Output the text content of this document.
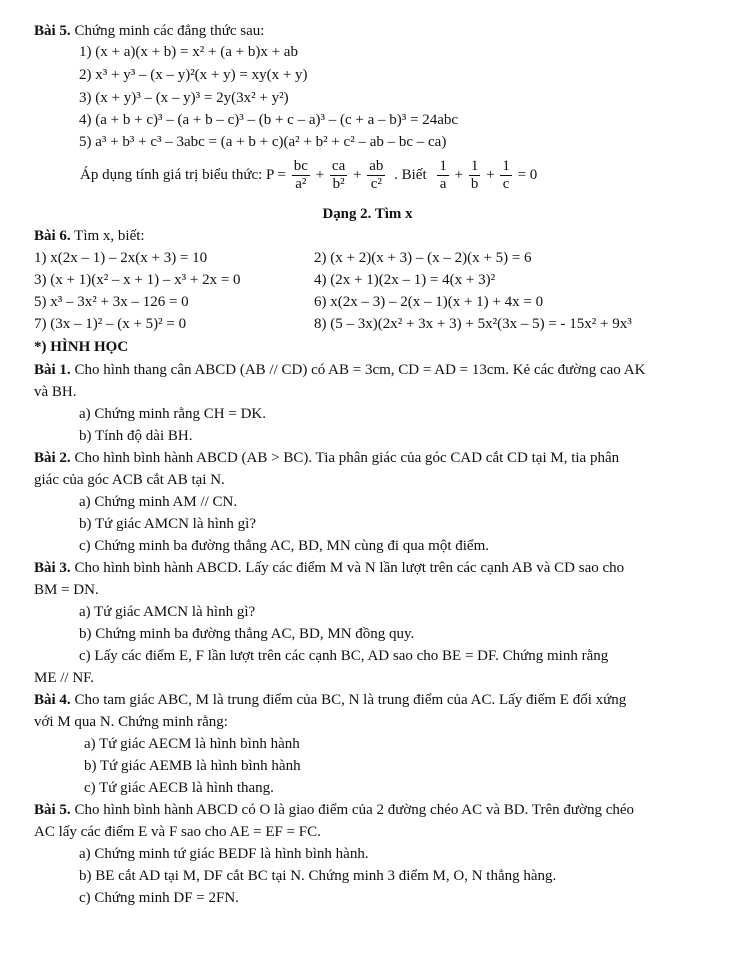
Bài 5. Chứng minh các đẳng thức sau:
1) (x + a)(x + b) = x² + (a + b)x + ab
2) x³ + y³ – (x – y)²(x + y) = xy(x + y)
3) (x + y)³ – (x – y)³ = 2y(3x² + y²)
4) (a + b + c)³ – (a + b – c)³ – (b + c – a)³ – (c + a – b)³ = 24abc
5) a³ + b³ + c³ – 3abc = (a + b + c)(a² + b² + c² – ab – bc – ca)
Áp dụng tính giá trị biểu thức: $P = \frac{bc}{\text{a²}} + \frac{ca}{\text{b²}} + \frac{ab}{\text{c²}}$ . Biết $\frac{1}{a} + \frac{1}{b} + \frac{1}{c} = 0$
Dạng 2. Tìm x
Bài 6. Tìm x, biết:
1) x(2x – 1) – 2x(x + 3) = 10	2) (x + 2)(x + 3) – (x – 2)(x + 5) = 6
3) (x + 1)(x² – x + 1) – x³ + 2x = 0	4) (2x + 1)(2x – 1) = 4(x + 3)²
5) x³ – 3x² + 3x – 126 = 0	6) x(2x – 3) – 2(x – 1)(x + 1) + 4x = 0
7) (3x – 1)² – (x + 5)² = 0	8) (5 – 3x)(2x² + 3x + 3) + 5x²(3x – 5) = - 15x² + 9x³
*) HÌNH HỌC
Bài 1. Cho hình thang cân ABCD (AB // CD) có AB = 3cm, CD = AD = 13cm. Kẻ các đường cao AK
và BH.
a) Chứng minh rằng CH = DK.
b) Tính độ dài BH.
Bài 2. Cho hình bình hành ABCD (AB > BC). Tia phân giác của góc CAD cắt CD tại M, tia phân
giác của góc ACB cắt AB tại N.
a) Chứng minh AM // CN.
b) Tứ giác AMCN là hình gì?
c) Chứng minh ba đường thẳng AC, BD, MN cùng đi qua một điểm.
Bài 3. Cho hình bình hành ABCD. Lấy các điểm M và N lần lượt trên các cạnh AB và CD sao cho
BM = DN.
a) Tứ giác AMCN là hình gì?
b) Chứng minh ba đường thẳng AC, BD, MN đồng quy.
c) Lấy các điểm E, F lần lượt trên các cạnh BC, AD sao cho BE = DF. Chứng minh rằng
ME // NF.
Bài 4. Cho tam giác ABC, M là trung điểm của BC, N là trung điểm của AC. Lấy điểm E đối xứng
với M qua N. Chứng minh rằng:
a) Tứ giác AECM là hình bình hành
b) Tứ giác AEMB là hình bình hành
c) Tứ giác AECB là hình thang.
Bài 5. Cho hình bình hành ABCD có O là giao điểm của 2 đường chéo AC và BD. Trên đường chéo
AC lấy các điểm E và F sao cho AE = EF = FC.
a) Chứng minh tứ giác BEDF là hình bình hành.
b) BE cắt AD tại M, DF cắt BC tại N. Chứng minh 3 điểm M, O, N thẳng hàng.
c) Chứng minh DF = 2FN.
